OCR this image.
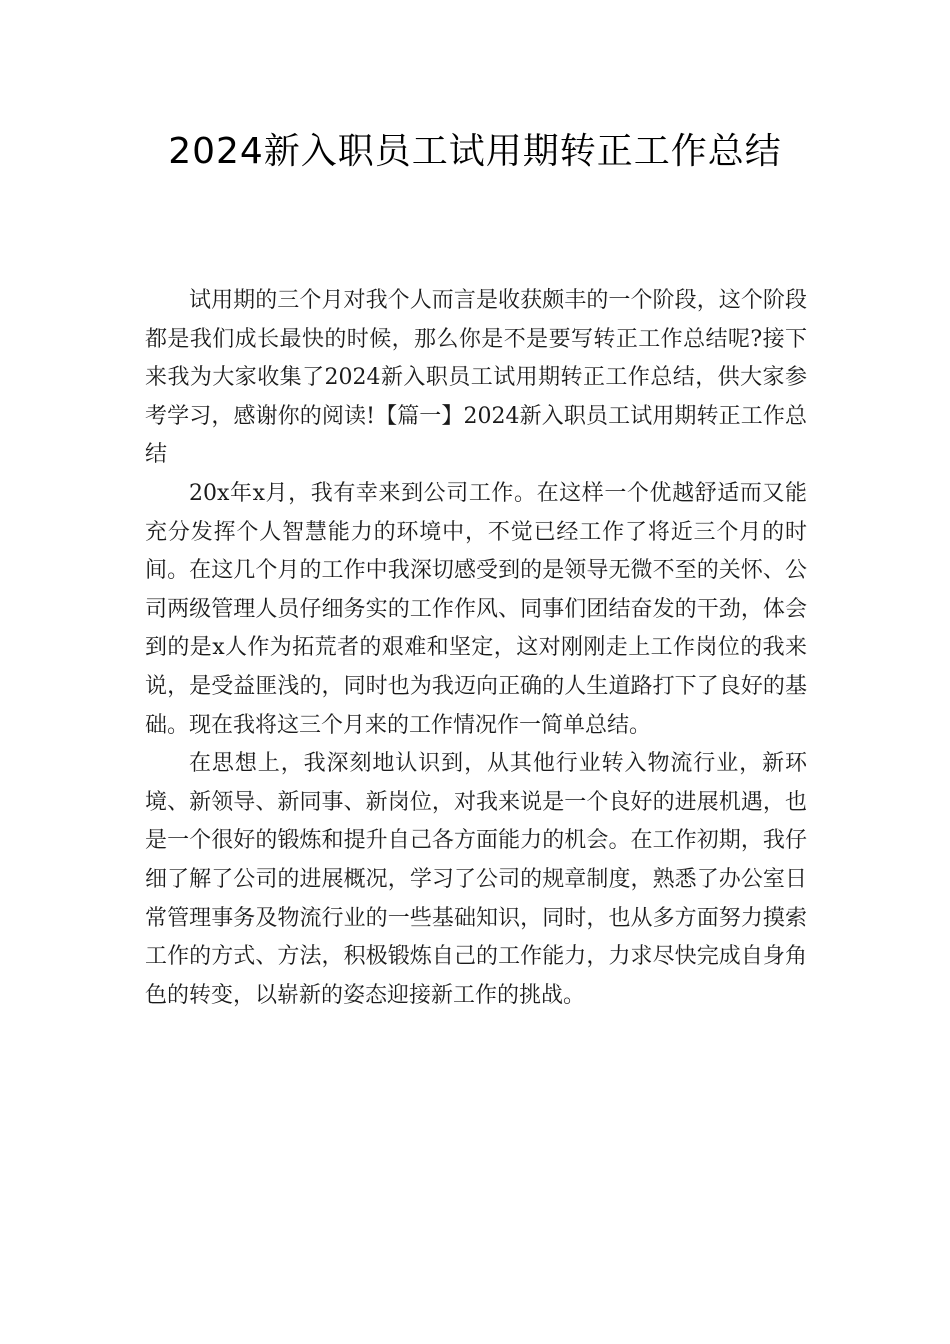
2024新入职员工试用期转正工作总结

试用期的三个月对我个人而言是收获颇丰的一个阶段，这个阶段都是我们成长最快的时候，那么你是不是要写转正工作总结呢?接下来我为大家收集了2024新入职员工试用期转正工作总结，供大家参考学习，感谢你的阅读!【篇一】2024新入职员工试用期转正工作总结

20x年x月，我有幸来到公司工作。在这样一个优越舒适而又能充分发挥个人智慧能力的环境中，不觉已经工作了将近三个月的时间。在这几个月的工作中我深切感受到的是领导无微不至的关怀、公司两级管理人员仔细务实的工作作风、同事们团结奋发的干劲，体会到的是x人作为拓荒者的艰难和坚定，这对刚刚走上工作岗位的我来说，是受益匪浅的，同时也为我迈向正确的人生道路打下了良好的基础。现在我将这三个月来的工作情况作一简单总结。

在思想上，我深刻地认识到，从其他行业转入物流行业，新环境、新领导、新同事、新岗位，对我来说是一个良好的进展机遇，也是一个很好的锻炼和提升自己各方面能力的机会。在工作初期，我仔细了解了公司的进展概况，学习了公司的规章制度，熟悉了办公室日常管理事务及物流行业的一些基础知识，同时，也从多方面努力摸索工作的方式、方法，积极锻炼自己的工作能力，力求尽快完成自身角色的转变，以崭新的姿态迎接新工作的挑战。
